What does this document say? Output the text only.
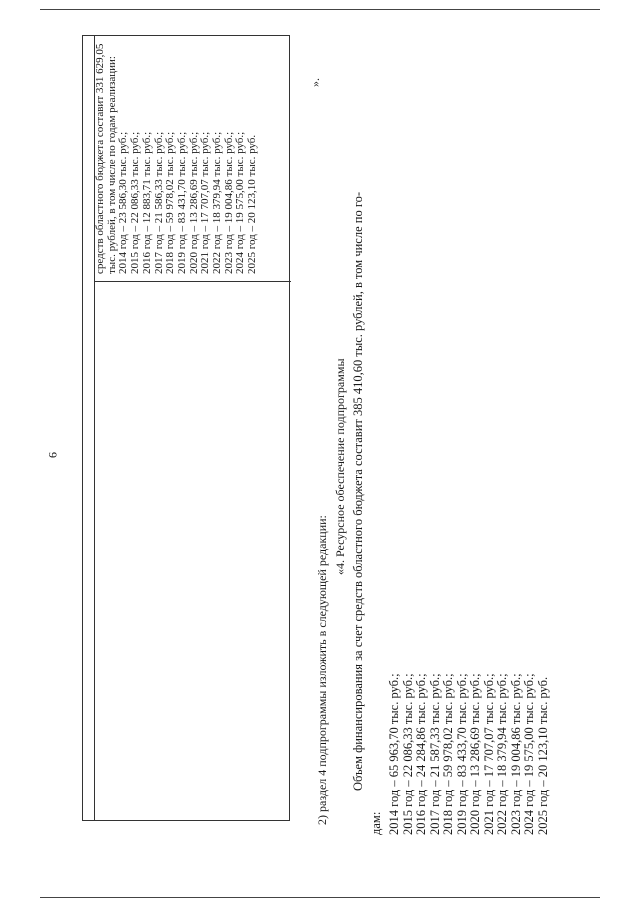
9
средств областного бюджета составит 331 629,05 тыс. рублей, в том числе по годам реализации: 2014 год – 23 586,30 тыс. руб.; 2015 год – 22 086,33 тыс. руб.; 2016 год – 12 883,71 тыс. руб.; 2017 год – 21 586,33 тыс. руб.; 2018 год – 59 978,02 тыс. руб.; 2019 год – 83 431,70 тыс. руб.; 2020 год – 13 286,69 тыс. руб.; 2021 год – 17 707,07 тыс. руб.; 2022 год – 18 379,94 тыс. руб.; 2023 год – 19 004,86 тыс. руб.; 2024 год – 19 575,00 тыс. руб.; 2025 год – 20 123,10 тыс. руб.
».
2) раздел 4 подпрограммы изложить в следующей редакции:
«4. Ресурсное обеспечение подпрограммы Объем финансирования за счет средств областного бюджета составит 385 410,60 тыс. рублей, в том числе по го-
дам: 2014 год – 65 963,70 тыс. руб.; 2015 год – 22 086,33 тыс. руб.; 2016 год – 24 284,86 тыс. руб.; 2017 год – 21 587,33 тыс. руб.; 2018 год – 59 978,02 тыс. руб.; 2019 год – 83 433,70 тыс. руб.; 2020 год – 13 286,69 тыс. руб.; 2021 год – 17 707,07 тыс. руб.; 2022 год – 18 379,94 тыс. руб.; 2023 год – 19 004,86 тыс. руб.; 2024 год – 19 575,00 тыс. руб.; 2025 год – 20 123,10 тыс. руб.
